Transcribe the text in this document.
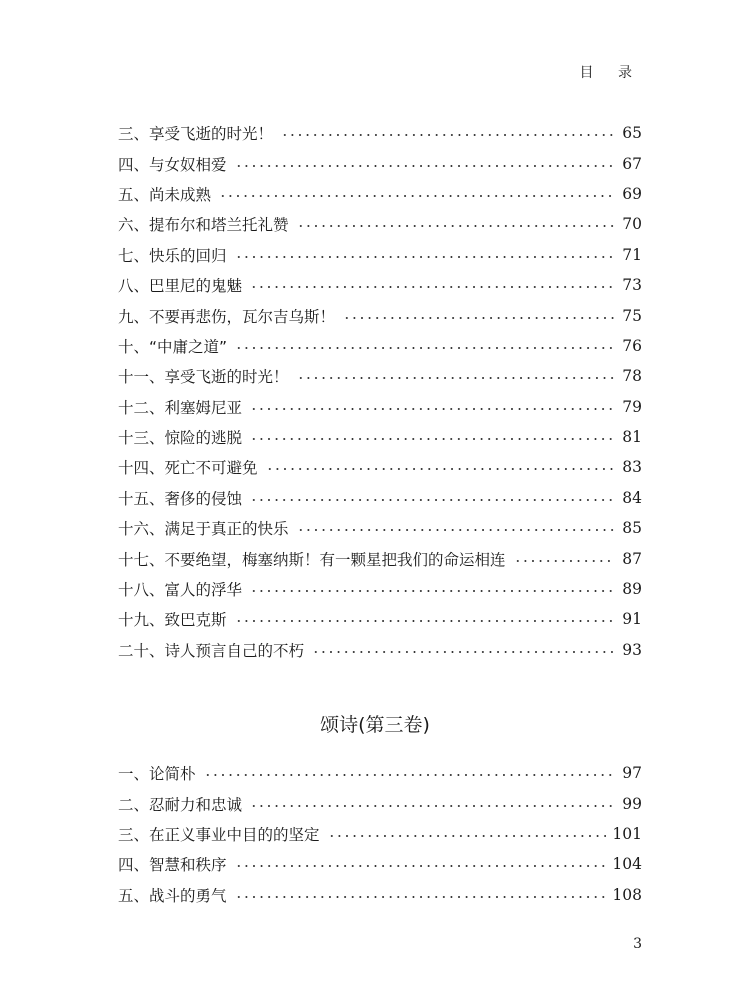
目 录
三、享受飞逝的时光！	65
四、与女奴相爱	67
五、尚未成熟	69
六、提布尔和塔兰托礼赞	70
七、快乐的回归	71
八、巴里尼的鬼魅	73
九、不要再悲伤，瓦尔吉乌斯！	75
十、“中庸之道”	76
十一、享受飞逝的时光！	78
十二、利塞姆尼亚	79
十三、惊险的逃脱	81
十四、死亡不可避免	83
十五、奢侈的侵蚀	84
十六、满足于真正的快乐	85
十七、不要绝望，梅塞纳斯！有一颗星把我们的命运相连	87
十八、富人的浮华	89
十九、致巴克斯	91
二十、诗人预言自己的不朽	93
颂诗(第三卷)
一、论简朴	97
二、忍耐力和忠诚	99
三、在正义事业中目的的坚定	101
四、智慧和秩序	104
五、战斗的勇气	108
3
